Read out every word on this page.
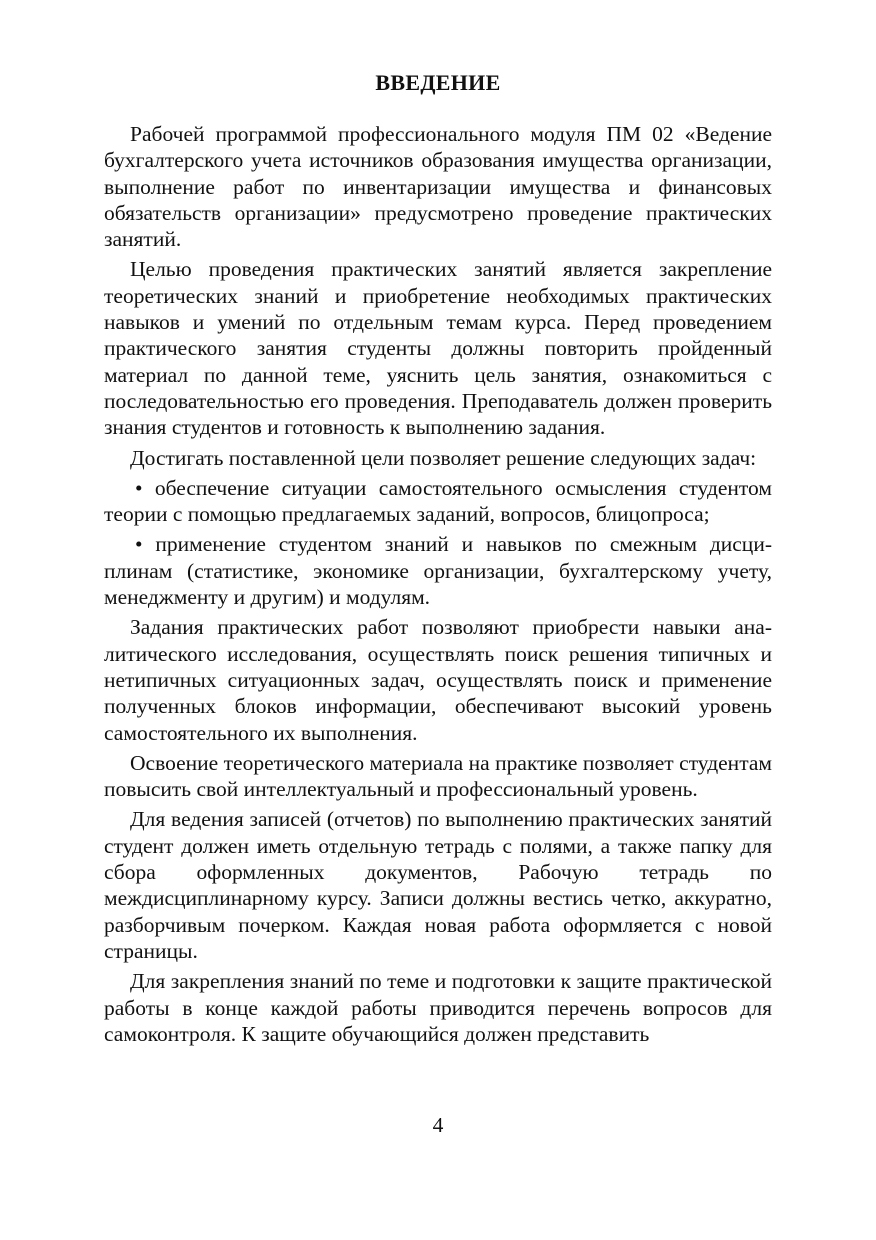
ВВЕДЕНИЕ

Рабочей программой профессионального модуля ПМ 02 «Ведение бухгалтерского учета источников образования имущества организации, выполнение работ по инвентаризации имущества и финансовых обязательств организации» предусмотрено проведение практических занятий.

Целью проведения практических занятий является закрепление теоретических знаний и приобретение необходимых практических навыков и умений по отдельным темам курса. Перед проведением практического занятия студенты должны повторить пройденный материал по данной теме, уяснить цель занятия, ознакомиться с последовательностью его проведения. Преподаватель должен проверить знания студентов и готовность к выполнению задания.

Достигать поставленной цели позволяет решение следующих задач:

• обеспечение ситуации самостоятельного осмысления студентом теории с помощью предлагаемых заданий, вопросов, блицопроса;

• применение студентом знаний и навыков по смежным дисциплинам (статистике, экономике организации, бухгалтерскому учету, менеджменту и другим) и модулям.

Задания практических работ позволяют приобрести навыки аналитического исследования, осуществлять поиск решения типичных и нетипичных ситуационных задач, осуществлять поиск и применение полученных блоков информации, обеспечивают высокий уровень самостоятельного их выполнения.

Освоение теоретического материала на практике позволяет студентам повысить свой интеллектуальный и профессиональный уровень.

Для ведения записей (отчетов) по выполнению практических занятий студент должен иметь отдельную тетрадь с полями, а также папку для сбора оформленных документов, Рабочую тетрадь по междисциплинарному курсу. Записи должны вестись четко, аккуратно, разборчивым почерком. Каждая новая работа оформляется с новой страницы.

Для закрепления знаний по теме и подготовки к защите практической работы в конце каждой работы приводится перечень вопросов для самоконтроля. К защите обучающийся должен представить

4
